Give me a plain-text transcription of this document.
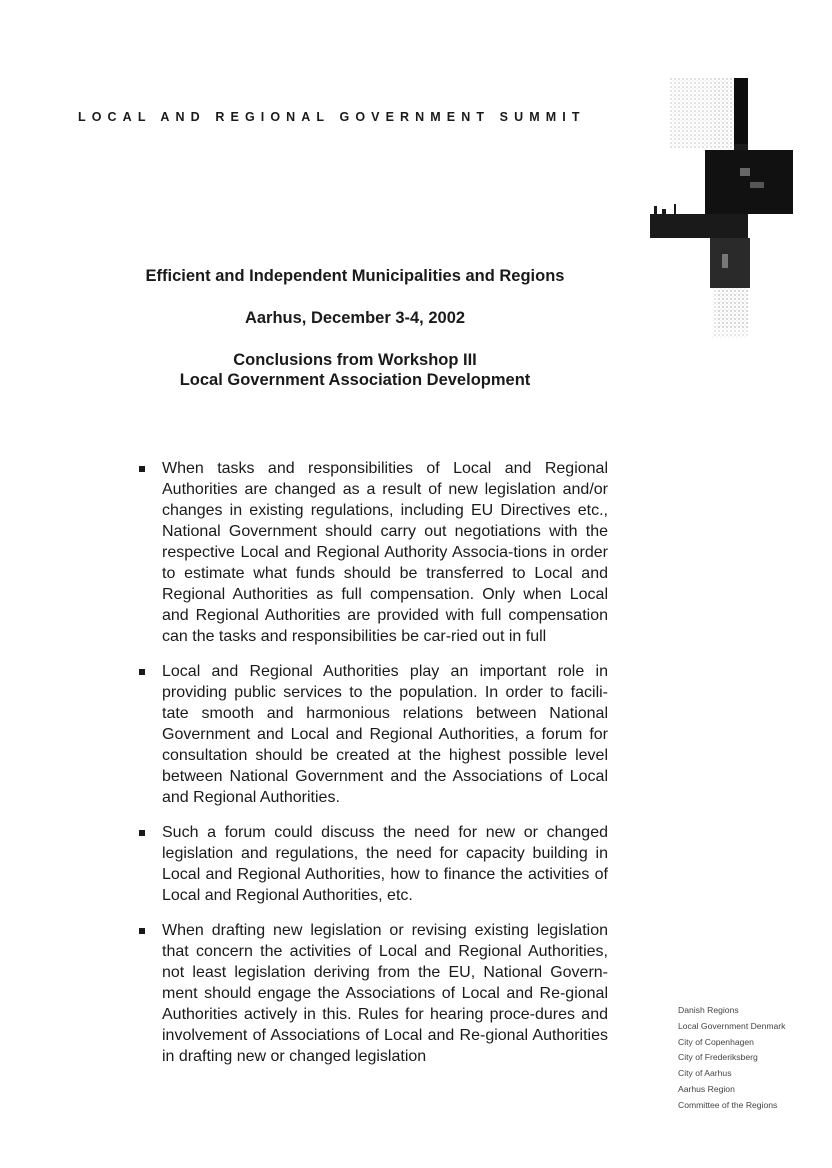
LOCAL AND REGIONAL GOVERNMENT SUMMIT
Efficient and Independent Municipalities and Regions
Aarhus, December 3-4, 2002
Conclusions from Workshop III
Local Government Association Development
When tasks and responsibilities of Local and Regional Authorities are changed as a result of new legislation and/or changes in existing regulations, including EU Directives etc., National Government should carry out negotiations with the respective Local and Regional Authority Associa-tions in order to estimate what funds should be transferred to Local and Regional Authorities as full compensation. Only when Local and Regional Authorities are provided with full compensation can the tasks and responsibilities be car-ried out in full
Local and Regional Authorities play an important role in providing public services to the population. In order to facili-tate smooth and harmonious relations between National Government and Local and Regional Authorities, a forum for consultation should be created at the highest possible level between National Government and the Associations of Local and Regional Authorities.
Such a forum could discuss the need for new or changed legislation and regulations, the need for capacity building in Local and Regional Authorities, how to finance the activities of Local and Regional Authorities, etc.
When drafting new legislation or revising existing legislation that concern the activities of Local and Regional Authorities, not least legislation deriving from the EU, National Govern-ment should engage the Associations of Local and Re-gional Authorities actively in this. Rules for hearing proce-dures and involvement of Associations of Local and Re-gional Authorities in drafting new or changed legislation
Danish Regions
Local Government Denmark
City of Copenhagen
City of Frederiksberg
City of Aarhus
Aarhus Region
Committee of the Regions
